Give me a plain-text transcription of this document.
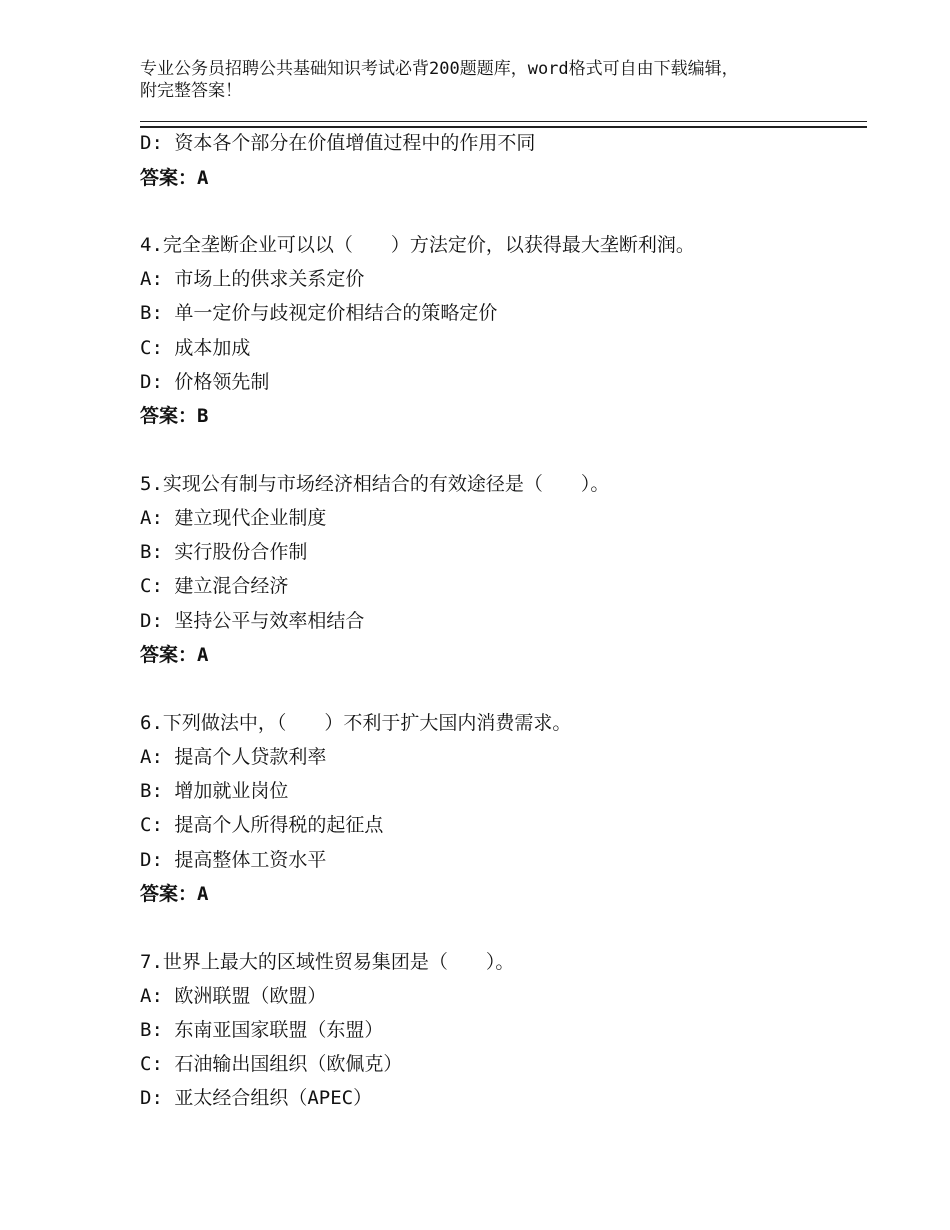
专业公务员招聘公共基础知识考试必背200题题库，word格式可自由下载编辑，
附完整答案！
D: 资本各个部分在价值增值过程中的作用不同
答案：A
4.完全垄断企业可以以（　　）方法定价，以获得最大垄断利润。
A: 市场上的供求关系定价
B: 单一定价与歧视定价相结合的策略定价
C: 成本加成
D: 价格领先制
答案：B
5.实现公有制与市场经济相结合的有效途径是（　　）。
A: 建立现代企业制度
B: 实行股份合作制
C: 建立混合经济
D: 坚持公平与效率相结合
答案：A
6.下列做法中，（　　）不利于扩大国内消费需求。
A: 提高个人贷款利率
B: 增加就业岗位
C: 提高个人所得税的起征点
D: 提高整体工资水平
答案：A
7.世界上最大的区域性贸易集团是（　　）。
A: 欧洲联盟（欧盟）
B: 东南亚国家联盟（东盟）
C: 石油输出国组织（欧佩克）
D: 亚太经合组织（APEC）
